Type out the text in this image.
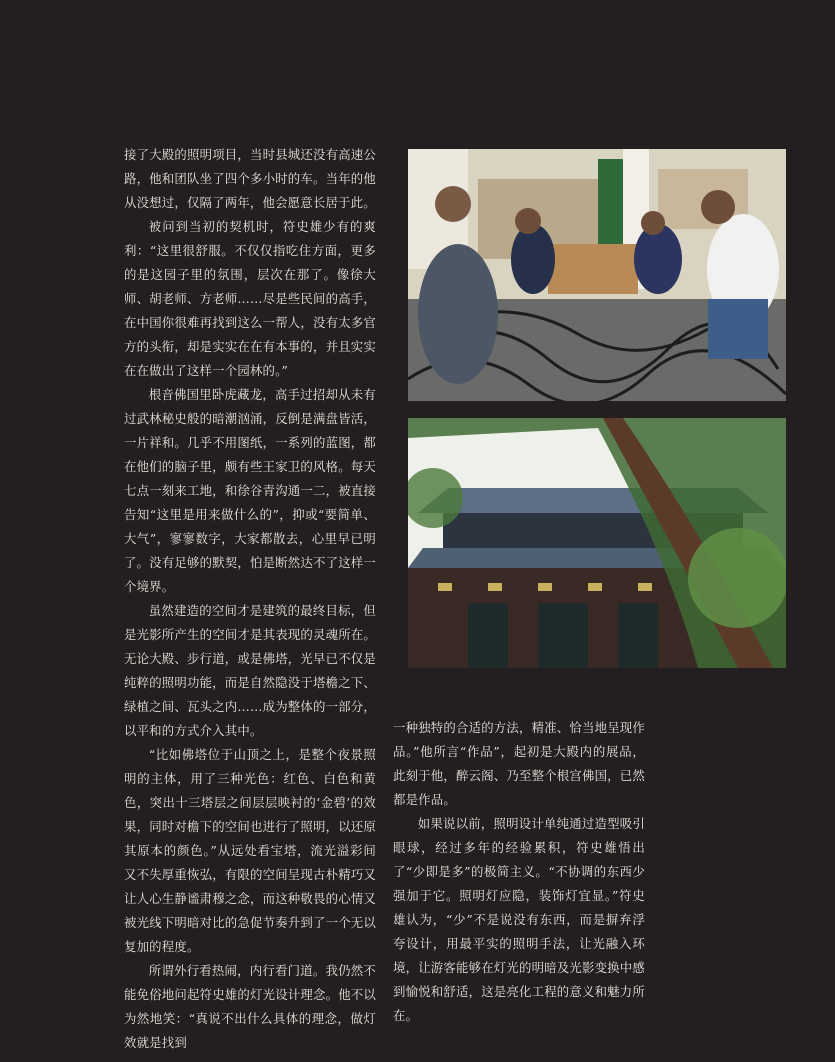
接了大殿的照明项目，当时县城还没有高速公路，他和团队坐了四个多小时的车。当年的他从没想过，仅隔了两年，他会愿意长居于此。

被问到当初的契机时，符史雄少有的爽利：“这里很舒服。不仅仅指吃住方面，更多的是这园子里的氛围，层次在那了。像徐大师、胡老师、方老师……尽是些民间的高手，在中国你很难再找到这么一帮人，没有太多官方的头衔，却是实实在在有本事的，并且实实在在做出了这样一个园林的。”

根音佛国里卧虎藏龙，高手过招却从未有过武林秘史般的暗潮汹涌，反倒是满盘皆活，一片祥和。几乎不用图纸，一系列的蓝图，都在他们的脑子里，颇有些王家卫的风格。每天七点一刻来工地，和徐谷青沟通一二，被直接告知“这里是用来做什么的”，抑或“要简单、大气”，寥寥数字，大家都散去，心里早已明了。没有足够的默契，怕是断然达不了这样一个境界。

虽然建造的空间才是建筑的最终目标，但是光影所产生的空间才是其表现的灵魂所在。无论大殿、步行道，或是佛塔，光早已不仅是纯粹的照明功能，而是自然隐没于塔檐之下、绿植之间、瓦头之内……成为整体的一部分，以平和的方式介入其中。

“比如佛塔位于山顶之上，是整个夜景照明的主体，用了三种光色：红色、白色和黄色，突出十三塔层之间层层映衬的‘金碧’的效果，同时对檐下的空间也进行了照明，以还原其原本的颜色。”从远处看宝塔，流光溢彩间又不失厚重恢弘，有限的空间呈现古朴精巧又让人心生静谧肃穆之念，而这种敬畏的心情又被光线下明暗对比的急促节奏升到了一个无以复加的程度。

所谓外行看热闹，内行看门道。我仍然不能免俗地问起符史雄的灯光设计理念。他不以为然地笑：“真说不出什么具体的理念，做灯效就是找到

一种独特的合适的方法，精准、恰当地呈现作品。”他所言“作品”，起初是大殿内的展品，此刻于他，醉云阁、乃至整个根宫佛国，已然都是作品。

如果说以前，照明设计单纯通过造型吸引眼球，经过多年的经验累积，符史雄悟出了“少即是多”的极简主义。“不协调的东西少强加于它。照明灯应隐，装饰灯宜显。”符史雄认为，“少”不是说没有东西，而是摒弃浮夸设计，用最平实的照明手法，让光融入环境，让游客能够在灯光的明暗及光影变换中感到愉悦和舒适，这是亮化工程的意义和魅力所在。
